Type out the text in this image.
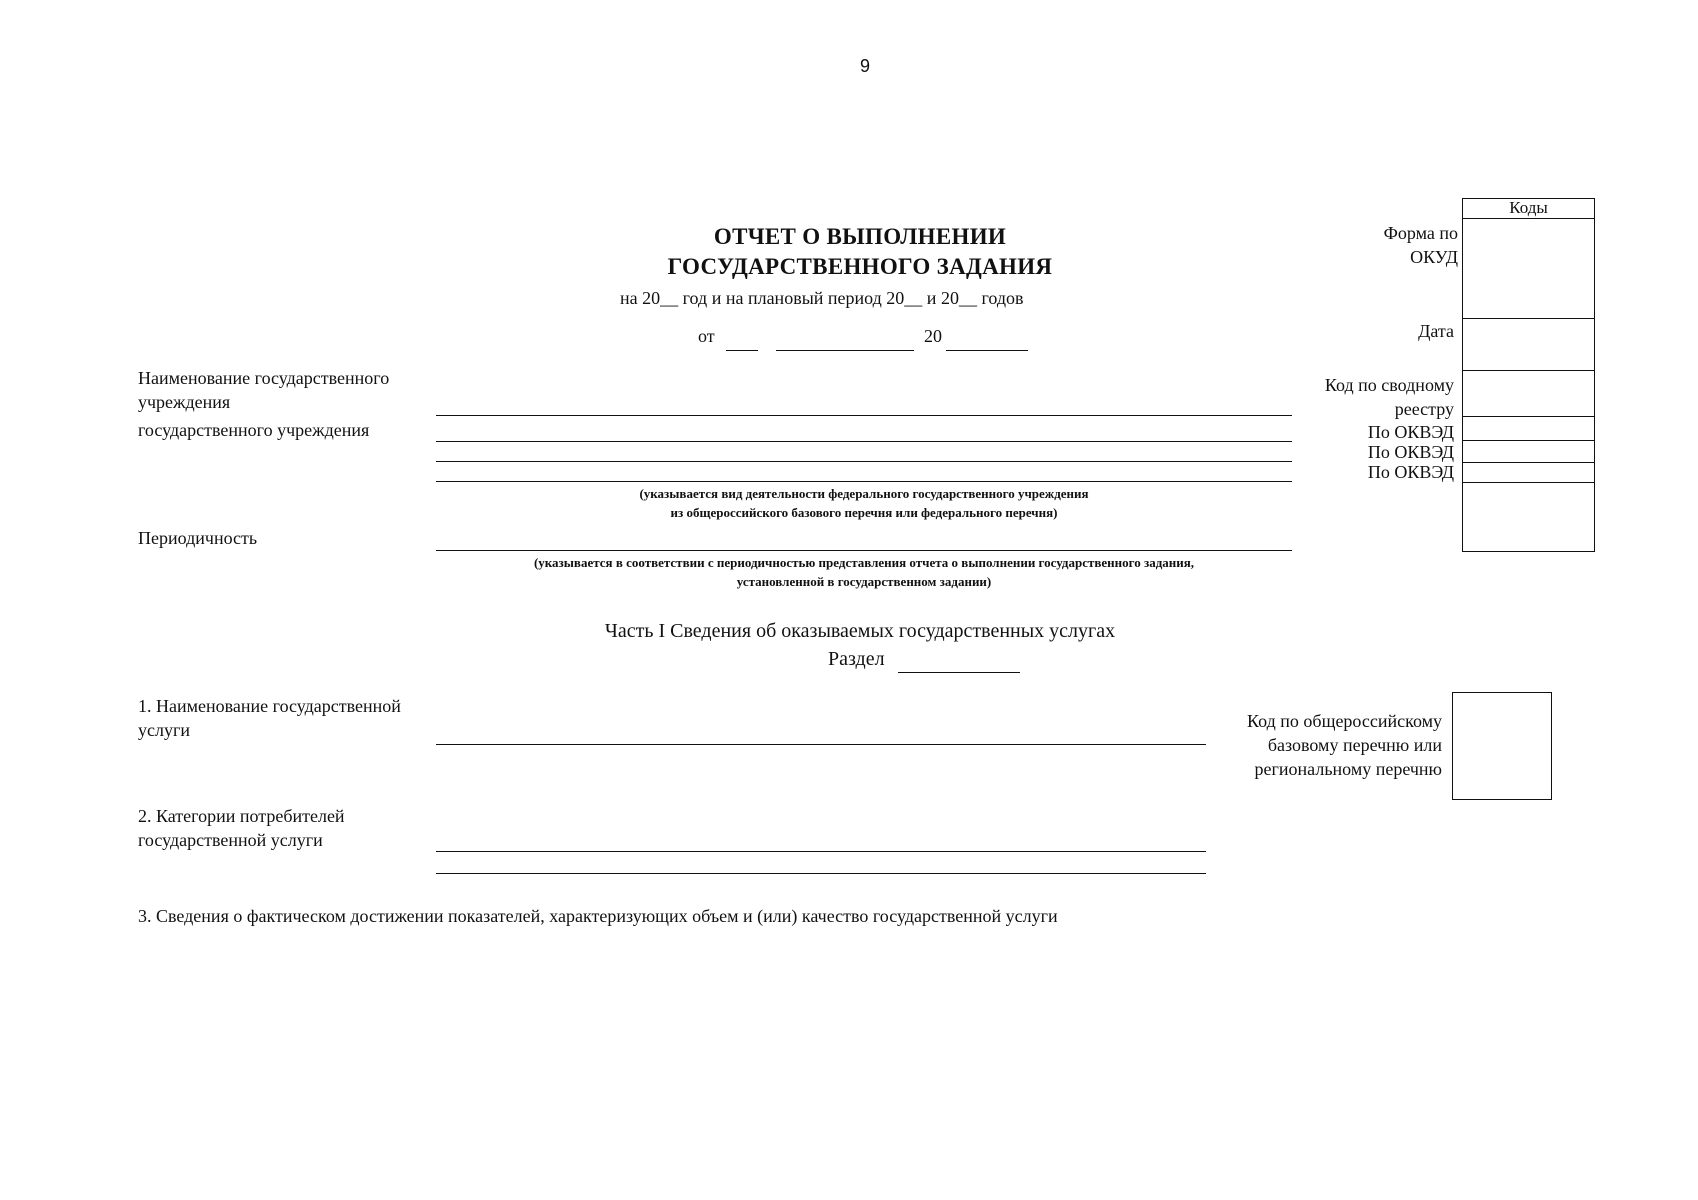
9
ОТЧЕТ О ВЫПОЛНЕНИИ
ГОСУДАРСТВЕННОГО ЗАДАНИЯ
на 20__ год и на плановый период 20__ и 20__ годов
от	20
Форма по
ОКУД
Дата
Код по сводному
реестру
По ОКВЭД
По ОКВЭД
По ОКВЭД
Коды
Наименование государственного
учреждения
государственного учреждения
(указывается вид деятельности федерального государственного учреждения
из общероссийского базового перечня или федерального перечня)
Периодичность
(указывается в соответствии с периодичностью представления отчета о выполнении государственного задания,
установленной в государственном задании)
Часть I Сведения об оказываемых государственных услугах
Раздел
1. Наименование государственной
услуги	Код по общероссийскому
базовому перечню или
региональному перечню
2. Категории потребителей
государственной услуги
3. Сведения о фактическом достижении показателей, характеризующих объем и (или) качество государственной услуги
